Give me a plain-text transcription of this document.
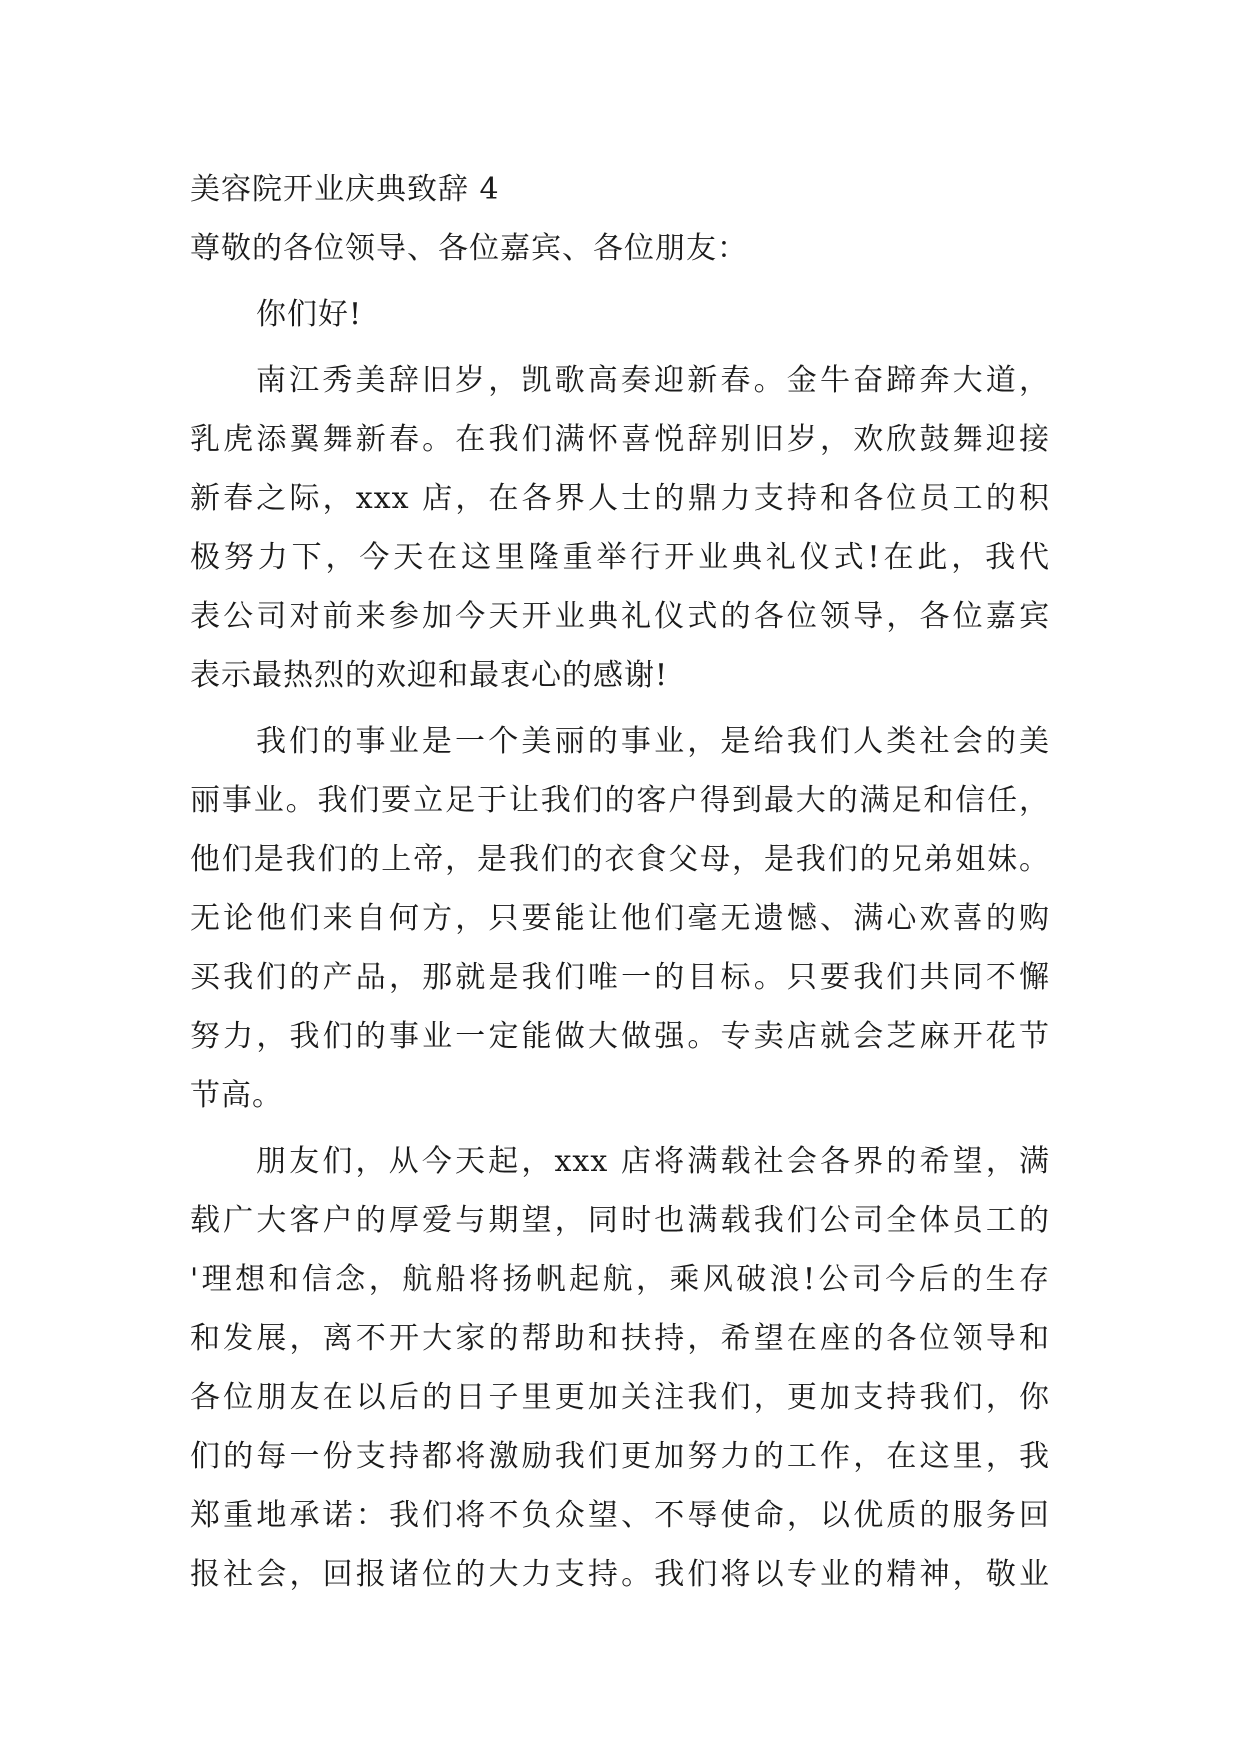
美容院开业庆典致辞 4
尊敬的各位领导、各位嘉宾、各位朋友：
你们好!
南江秀美辞旧岁，凯歌高奏迎新春。金牛奋蹄奔大道，
乳虎添翼舞新春。在我们满怀喜悦辞别旧岁，欢欣鼓舞迎接
新春之际，xxx 店，在各界人士的鼎力支持和各位员工的积
极努力下，今天在这里隆重举行开业典礼仪式!在此，我代
表公司对前来参加今天开业典礼仪式的各位领导，各位嘉宾
表示最热烈的欢迎和最衷心的感谢!
我们的事业是一个美丽的事业，是给我们人类社会的美
丽事业。我们要立足于让我们的客户得到最大的满足和信任，
他们是我们的上帝，是我们的衣食父母，是我们的兄弟姐妹。
无论他们来自何方，只要能让他们毫无遗憾、满心欢喜的购
买我们的产品，那就是我们唯一的目标。只要我们共同不懈
努力，我们的事业一定能做大做强。专卖店就会芝麻开花节
节高。
朋友们，从今天起，xxx 店将满载社会各界的希望，满
载广大客户的厚爱与期望，同时也满载我们公司全体员工的
'理想和信念，航船将扬帆起航，乘风破浪!公司今后的生存
和发展，离不开大家的帮助和扶持，希望在座的各位领导和
各位朋友在以后的日子里更加关注我们，更加支持我们，你
们的每一份支持都将激励我们更加努力的工作，在这里，我
郑重地承诺：我们将不负众望、不辱使命，以优质的服务回
报社会，回报诸位的大力支持。我们将以专业的精神，敬业
